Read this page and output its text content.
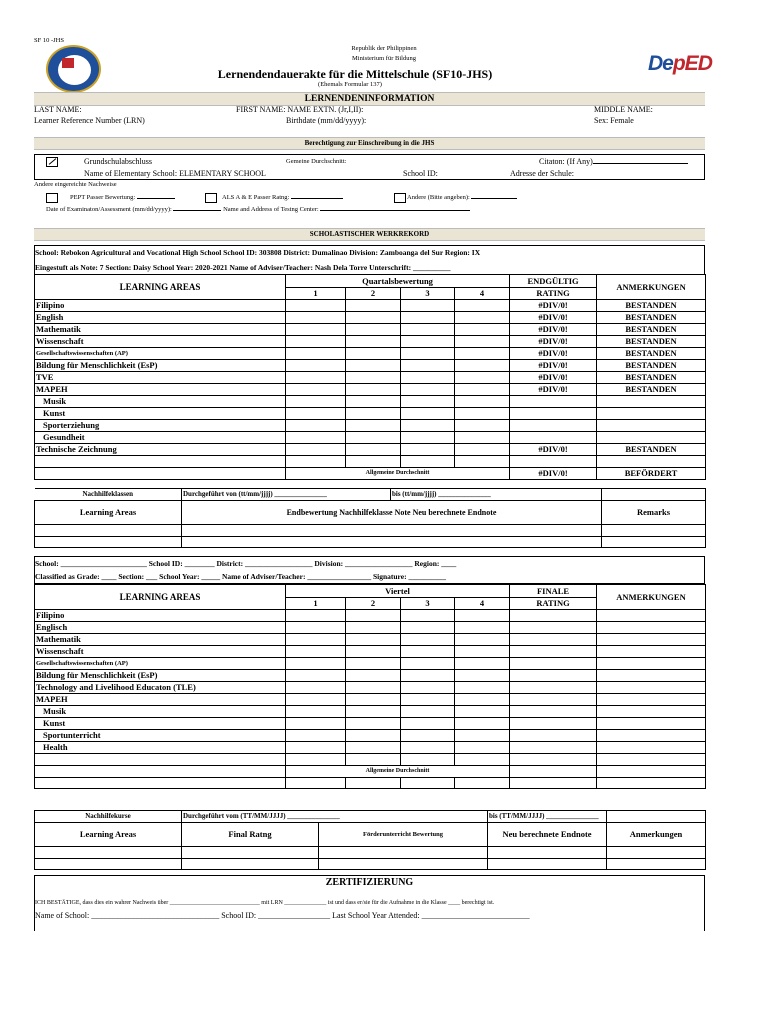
SF 10 -JHS
Republik der Philippinen
Ministerium für Bildung
Lernendendauerakte für die Mittelschule (SF10-JHS)
(Ehemals Formular 137)
DepED
LERNENDENINFORMATION
LAST NAME:	FIRST NAME: NAME EXTN. (Jr,I,II):	MIDDLE NAME:
Learner Reference Number (LRN)	Birthdate (mm/dd/yyyy):	Sex: Female
Berechtigung zur Einschreibung in die JHS
Grundschulabschluss	Gemeine Durchschnitt:	Citaton: (If Any)
Name of Elementary School: ELEMENTARY SCHOOL	School ID:	Adresse der Schule:
Andere eingereichte Nachweise
PEPT Passer Bewertung:	ALS A & E Passer Ratng:	Andere (Bitte angeben):
Date of Examinaton/Assessment (mm/dd/yyyy):	Name and Address of Testng Center:
SCHOLASTISCHER WERKREKORD
School: Rebokon Agricultural and Vocational High School School ID: 303808 District: Dumalinao Division: Zamboanga del Sur Region: IX
Eingestuft als Note: 7 Section: Daisy School Year: 2020-2021 Name of Adviser/Teacher: Nash Dela Torre Unterschrift: __________
LEARNING AREAS	Quartalsbewertung				ENDGÜLTIG	ANMERKUNGEN
	1	2	3	4	RATING	
Filipino					#DIV/0!	BESTANDEN
English					#DIV/0!	BESTANDEN
Mathematik					#DIV/0!	BESTANDEN
Wissenschaft					#DIV/0!	BESTANDEN
Gesellschaftswissenschaften (AP)					#DIV/0!	BESTANDEN
Bildung für Menschlichkeit (EsP)					#DIV/0!	BESTANDEN
TVE					#DIV/0!	BESTANDEN
MAPEH					#DIV/0!	BESTANDEN
Musik						
Kunst						
Sporterziehung						
Gesundheit						
Technische Zeichnung					#DIV/0!	BESTANDEN

	Allgemeine Durchschnitt				#DIV/0!	BEFÖRDERT
Nachhilfeklassen	Durchgeführt von (tt/mm/jjjj) _______________	bis (tt/mm/jjjj) _______________	
Learning Areas	Endbewertung Nachhilfeklasse Note Neu berechnete Endnote		Remarks

School: _______________________ School ID: ________ District: __________________ Division: __________________ Region: ____
Classified as Grade: ____ Section: ___ School Year: _____ Name of Adviser/Teacher: _________________ Signature: __________
LEARNING AREAS	Viertel				FINALE	ANMERKUNGEN
	1	2	3	4	RATING	
Filipino						
Englisch						
Mathematik						
Wissenschaft						
Gesellschaftswissenschaften (AP)						
Bildung für Menschlichkeit (EsP)						
Technology and Livelihood Educaton (TLE)						
MAPEH						
Musik						
Kunst						
Sportunterricht						
Health						

	Allgemeine Durchschnitt					

Nachhilfekurse	Durchgeführt vom (TT/MM/JJJJ) _______________		bis (TT/MM/JJJJ) _______________	
Learning Areas	Final Ratng	Förderunterricht Bewertung	Neu berechnete Endnote	Anmerkungen

ZERTIFIZIERUNG
ICH BESTÄTIGE, dass dies ein wahrer Nachweis über ______________________________ mit LRN ______________ ist und dass er/sie für die Aufnahme in die Klasse ____ berechtigt ist.
Name of School: ________________________________ School ID: __________________ Last School Year Attended: ___________________________
